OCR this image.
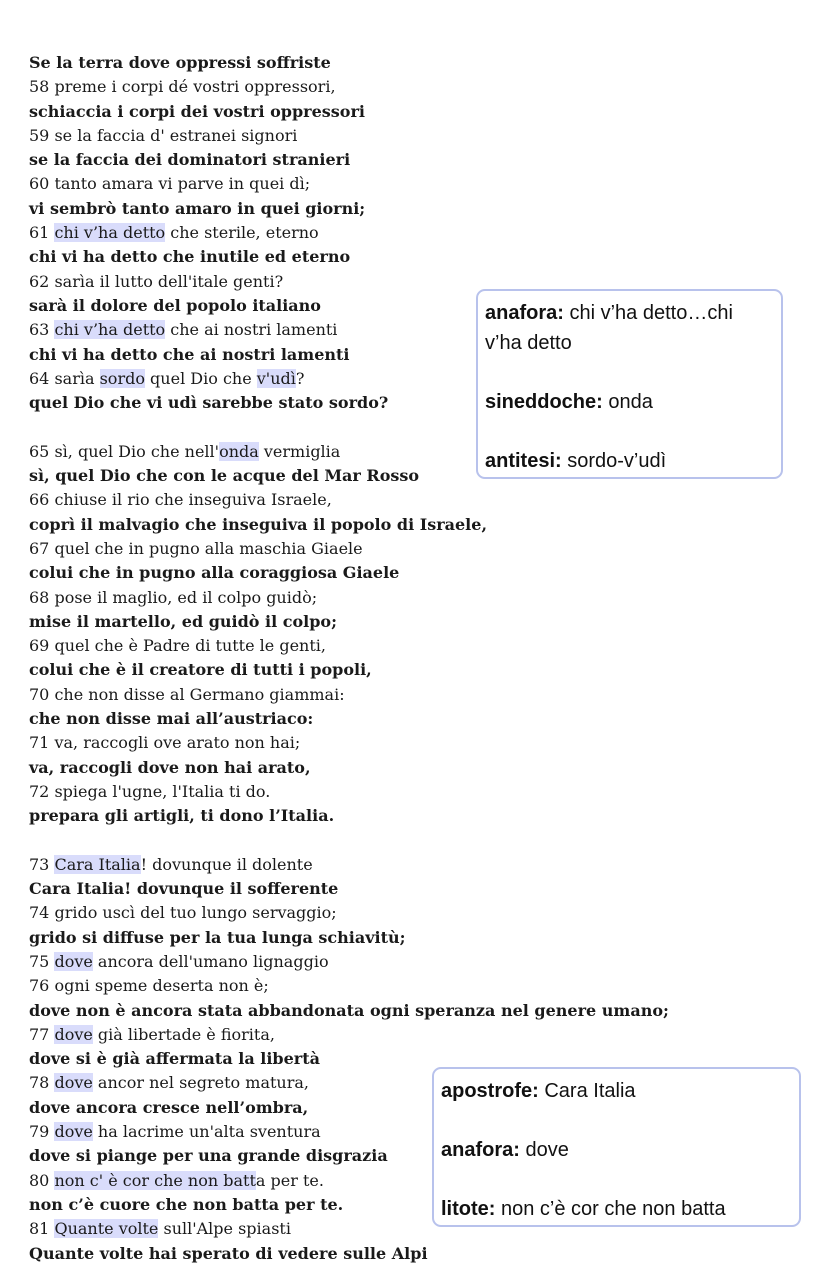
Se la terra dove oppressi soffriste
58 preme i corpi dé vostri oppressori,
schiaccia i corpi dei vostri oppressori
59 se la faccia d' estranei signori
se la faccia dei dominatori stranieri
60 tanto amara vi parve in quei dì;
vi sembrò tanto amaro in quei giorni;
61 chi v’ha detto che sterile, eterno
chi vi ha detto che inutile ed eterno
62 sarìa il lutto dell'itale genti?
sarà il dolore del popolo italiano
63 chi v’ha detto che ai nostri lamenti
chi vi ha detto che ai nostri lamenti
64 sarìa sordo quel Dio che v'udì?
quel Dio che vi udì sarebbe stato sordo?
65 sì, quel Dio che nell'onda vermiglia
sì, quel Dio che con le acque del Mar Rosso
66 chiuse il rio che inseguiva Israele,
coprì il malvagio che inseguiva il popolo di Israele,
67 quel che in pugno alla maschia Giaele
colui che in pugno alla coraggiosa Giaele
68 pose il maglio, ed il colpo guidò;
mise il martello, ed guidò il colpo;
69 quel che è Padre di tutte le genti,
colui che è il creatore di tutti i popoli,
70 che non disse al Germano giammai:
che non disse mai all’austriaco:
71 va, raccogli ove arato non hai;
va, raccogli dove non hai arato,
72 spiega l'ugne, l'Italia ti do.
prepara gli artigli, ti dono l’Italia.
73 Cara Italia! dovunque il dolente
Cara Italia! dovunque il sofferente
74 grido uscì del tuo lungo servaggio;
grido si diffuse per la tua lunga schiavitù;
75 dove ancora dell'umano lignaggio
76 ogni speme deserta non è;
dove non è ancora stata abbandonata ogni speranza nel genere umano;
77 dove già libertade è fiorita,
dove si è già affermata la libertà
78 dove ancor nel segreto matura,
dove ancora cresce nell’ombra,
79 dove ha lacrime un'alta sventura
dove si piange per una grande disgrazia
80 non c' è cor che non batta per te.
non c’è cuore che non batta per te.
81 Quante volte sull'Alpe spiasti
Quante volte hai sperato di vedere sulle Alpi

anafora: chi v’ha detto…chi v’ha detto

sineddoche: onda

antitesi: sordo-v’udì

apostrofe: Cara Italia

anafora: dove

litote: non c’è cor che non batta
